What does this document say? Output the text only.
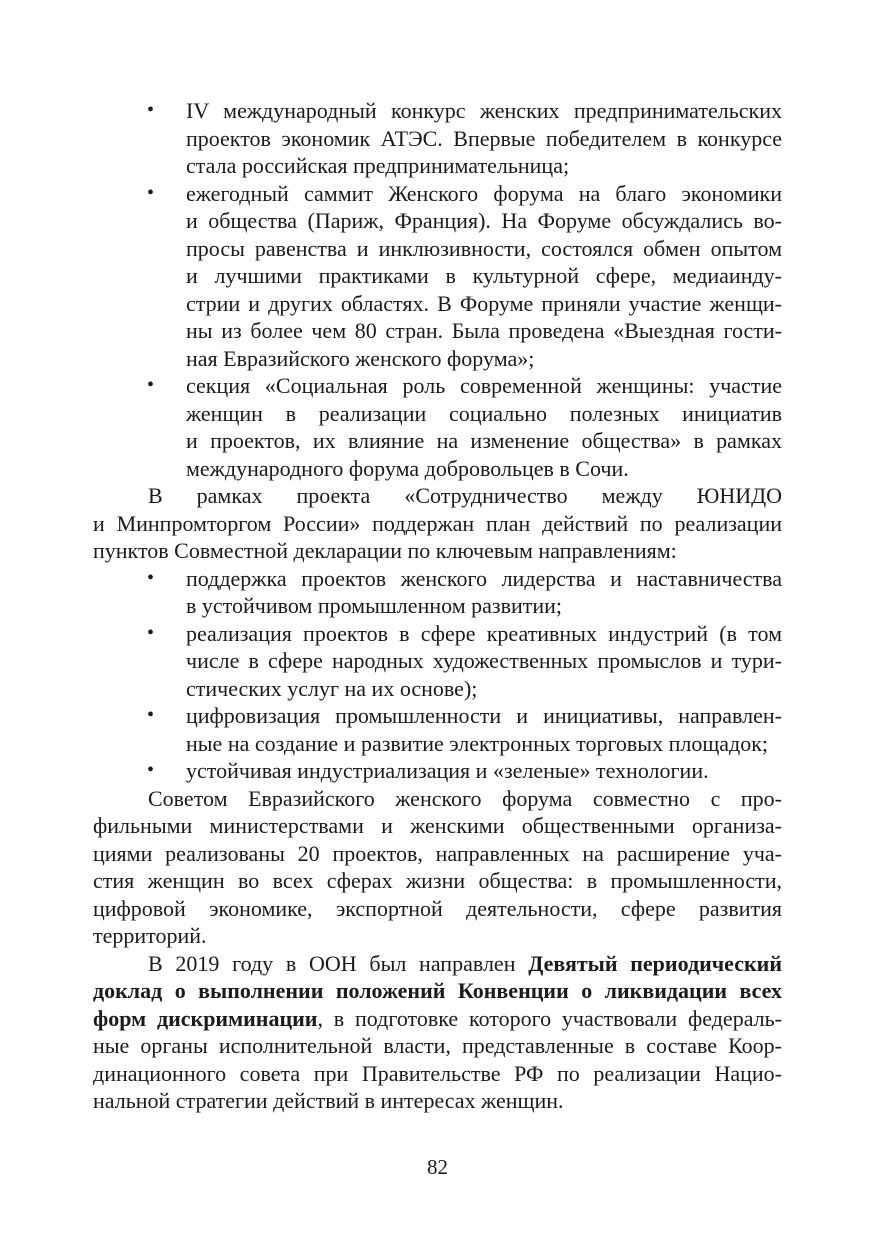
• IV международный конкурс женских предпринимательских
проектов экономик АТЭС. Впервые победителем в конкурсе
стала российская предпринимательница;
• ежегодный саммит Женского форума на благо экономики
и общества (Париж, Франция). На Форуме обсуждались во-
просы равенства и инклюзивности, состоялся обмен опытом
и лучшими практиками в культурной сфере, медиаинду-
стрии и других областях. В Форуме приняли участие женщи-
ны из более чем 80 стран. Была проведена «Выездная гости-
ная Евразийского женского форума»;
• секция «Социальная роль современной женщины: участие
женщин в реализации социально полезных инициатив
и проектов, их влияние на изменение общества» в рамках
международного форума добровольцев в Сочи.
В рамках проекта «Сотрудничество между ЮНИДО
и Минпромторгом России» поддержан план действий по реализации
пунктов Совместной декларации по ключевым направлениям:
• поддержка проектов женского лидерства и наставничества
в устойчивом промышленном развитии;
• реализация проектов в сфере креативных индустрий (в том
числе в сфере народных художественных промыслов и тури-
стических услуг на их основе);
• цифровизация промышленности и инициативы, направлен-
ные на создание и развитие электронных торговых площадок;
• устойчивая индустриализация и «зеленые» технологии.
Советом Евразийского женского форума совместно с про-
фильными министерствами и женскими общественными организа-
циями реализованы 20 проектов, направленных на расширение уча-
стия женщин во всех сферах жизни общества: в промышленности,
цифровой экономике, экспортной деятельности, сфере развития
территорий.
В 2019 году в ООН был направлен Девятый периодический
доклад о выполнении положений Конвенции о ликвидации всех
форм дискриминации, в подготовке которого участвовали федераль-
ные органы исполнительной власти, представленные в составе Коор-
динационного совета при Правительстве РФ по реализации Нацио-
нальной стратегии действий в интересах женщин.
82
